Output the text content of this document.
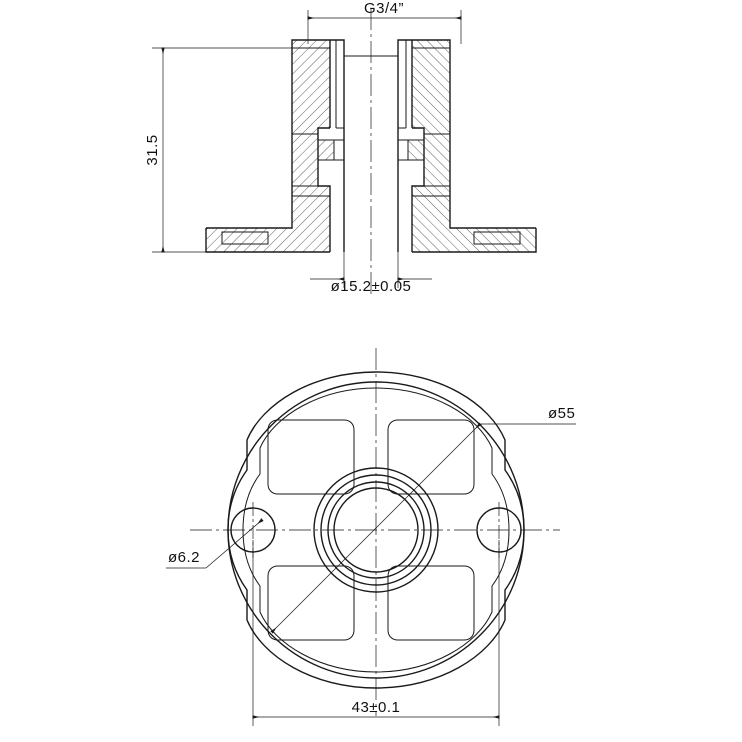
G3/4”
31.5
ø15.2±0.05
ø55
ø6.2
43±0.1
